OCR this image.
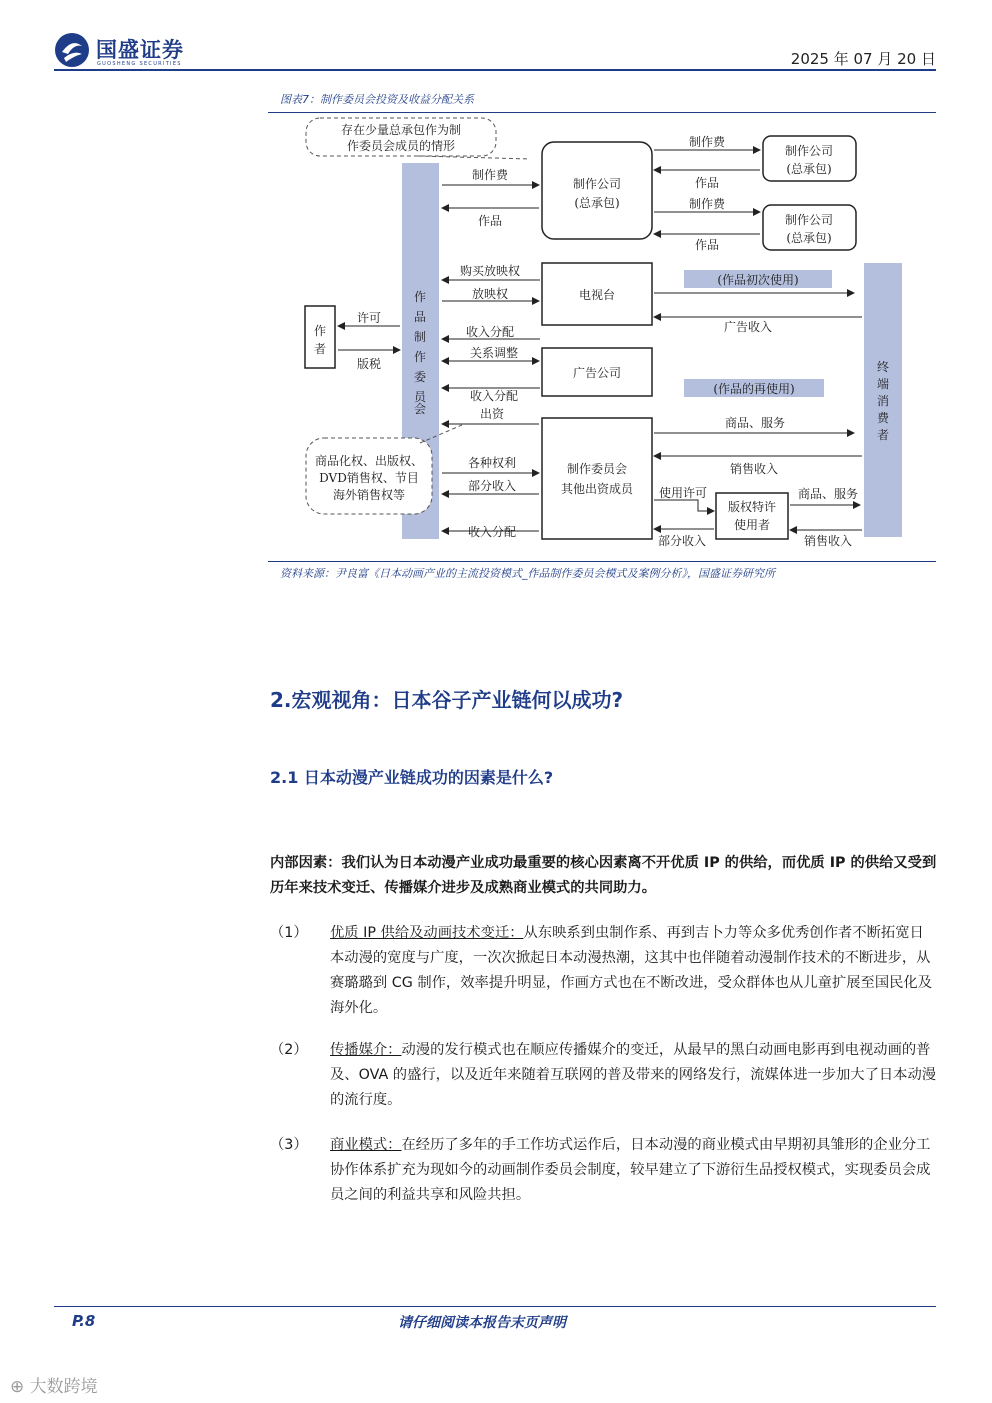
国盛证券
GUOSHENG SECURITIES	2025 年 07 月 20 日
图表7：制作委员会投资及收益分配关系
存在少量总承包作为制
作委员会成员的情形
作
品
制
作
委
员
会
终
端
消
费
者
作
者
许可
版税
制作公司
(总承包)
制作费
作品
制作公司
(总承包)
制作费
作品
制作公司
(总承包)
制作费
作品
电视台
购买放映权
放映权
收入分配
(作品初次使用)
广告收入
广告公司
关系调整
收入分配	(作品的再使用)
商品化权、出版权、
DVD销售权、节目
海外销售权等
制作委员会
其他出资成员
出资
各种权利
部分收入
收入分配
商品、服务
销售收入
版权特许
使用者
使用许可
部分收入
商品、服务
销售收入
资料来源：尹良富《日本动画产业的主流投资模式_作品制作委员会模式及案例分析》，国盛证券研究所
2.宏观视角：日本谷子产业链何以成功?
2.1 日本动漫产业链成功的因素是什么?
内部因素：我们认为日本动漫产业成功最重要的核心因素离不开优质 IP 的供给，而优质 IP 的供给又受到历年来技术变迁、传播媒介进步及成熟商业模式的共同助力。
（1）	优质 IP 供给及动画技术变迁：从东映系到虫制作系、再到吉卜力等众多优秀创作者不断拓宽日本动漫的宽度与广度，一次次掀起日本动漫热潮，这其中也伴随着动漫制作技术的不断进步，从赛璐璐到 CG 制作，效率提升明显，作画方式也在不断改进，受众群体也从儿童扩展至国民化及海外化。
（2）	传播媒介：动漫的发行模式也在顺应传播媒介的变迁，从最早的黑白动画电影再到电视动画的普及、OVA 的盛行，以及近年来随着互联网的普及带来的网络发行，流媒体进一步加大了日本动漫的流行度。
（3）	商业模式：在经历了多年的手工作坊式运作后，日本动漫的商业模式由早期初具雏形的企业分工协作体系扩充为现如今的动画制作委员会制度，较早建立了下游衍生品授权模式，实现委员会成员之间的利益共享和风险共担。
P.8	请仔细阅读本报告末页声明
⊕ 大数跨境
